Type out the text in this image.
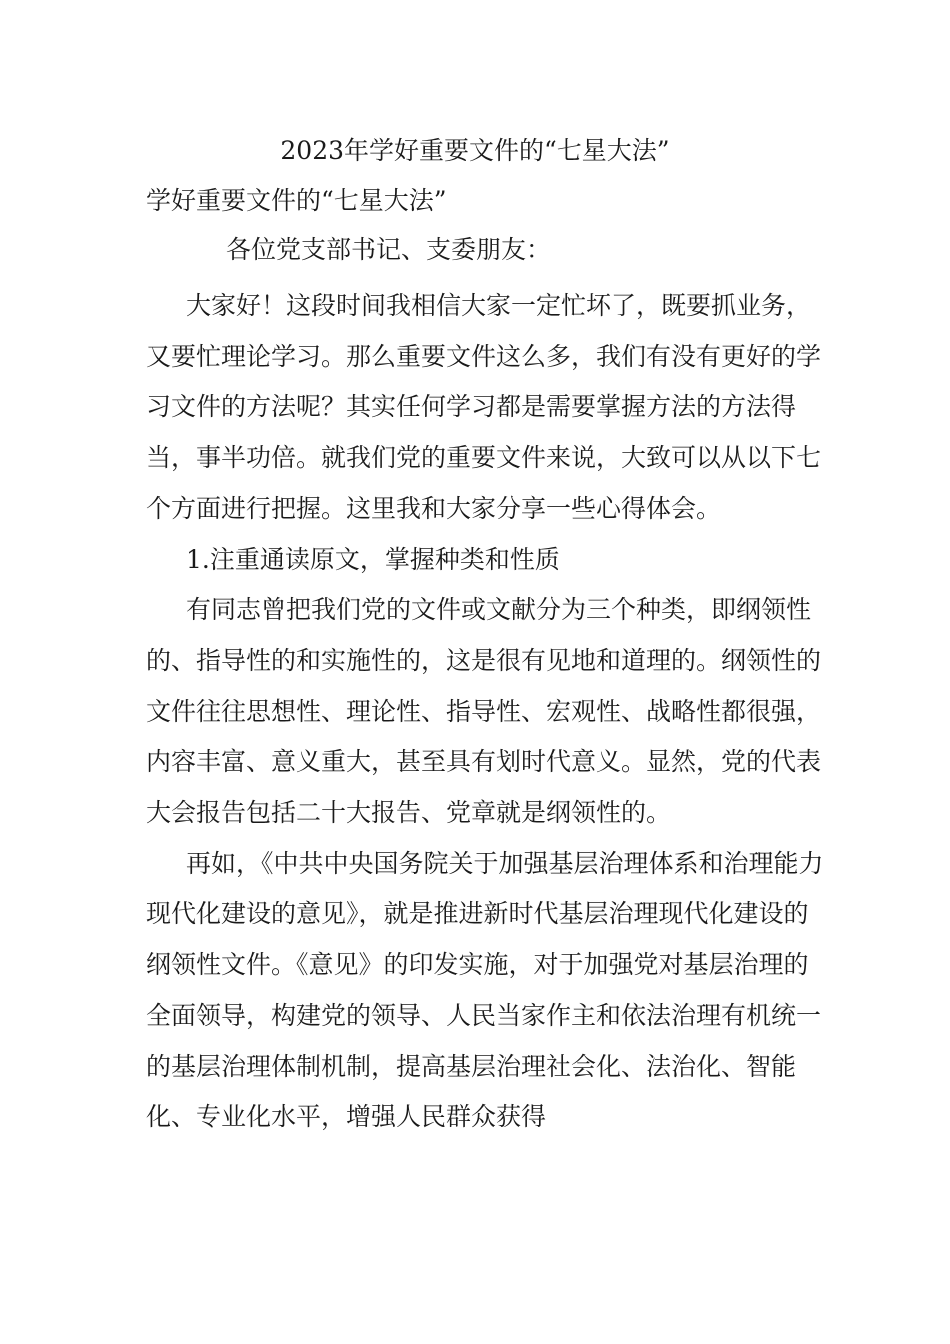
2023年学好重要文件的“七星大法”
学好重要文件的“七星大法”
各位党支部书记、支委朋友：

大家好！这段时间我相信大家一定忙坏了，既要抓业务，又要忙理论学习。那么重要文件这么多，我们有没有更好的学习文件的方法呢？其实任何学习都是需要掌握方法的方法得当，事半功倍。就我们党的重要文件来说，大致可以从以下七个方面进行把握。这里我和大家分享一些心得体会。

1.注重通读原文，掌握种类和性质

有同志曾把我们党的文件或文献分为三个种类，即纲领性的、指导性的和实施性的，这是很有见地和道理的。纲领性的文件往往思想性、理论性、指导性、宏观性、战略性都很强，内容丰富、意义重大，甚至具有划时代意义。显然，党的代表大会报告包括二十大报告、党章就是纲领性的。

再如，《中共中央国务院关于加强基层治理体系和治理能力现代化建设的意见》，就是推进新时代基层治理现代化建设的纲领性文件。《意见》的印发实施，对于加强党对基层治理的全面领导，构建党的领导、人民当家作主和依法治理有机统一的基层治理体制机制，提高基层治理社会化、法治化、智能化、专业化水平，增强人民群众获得
